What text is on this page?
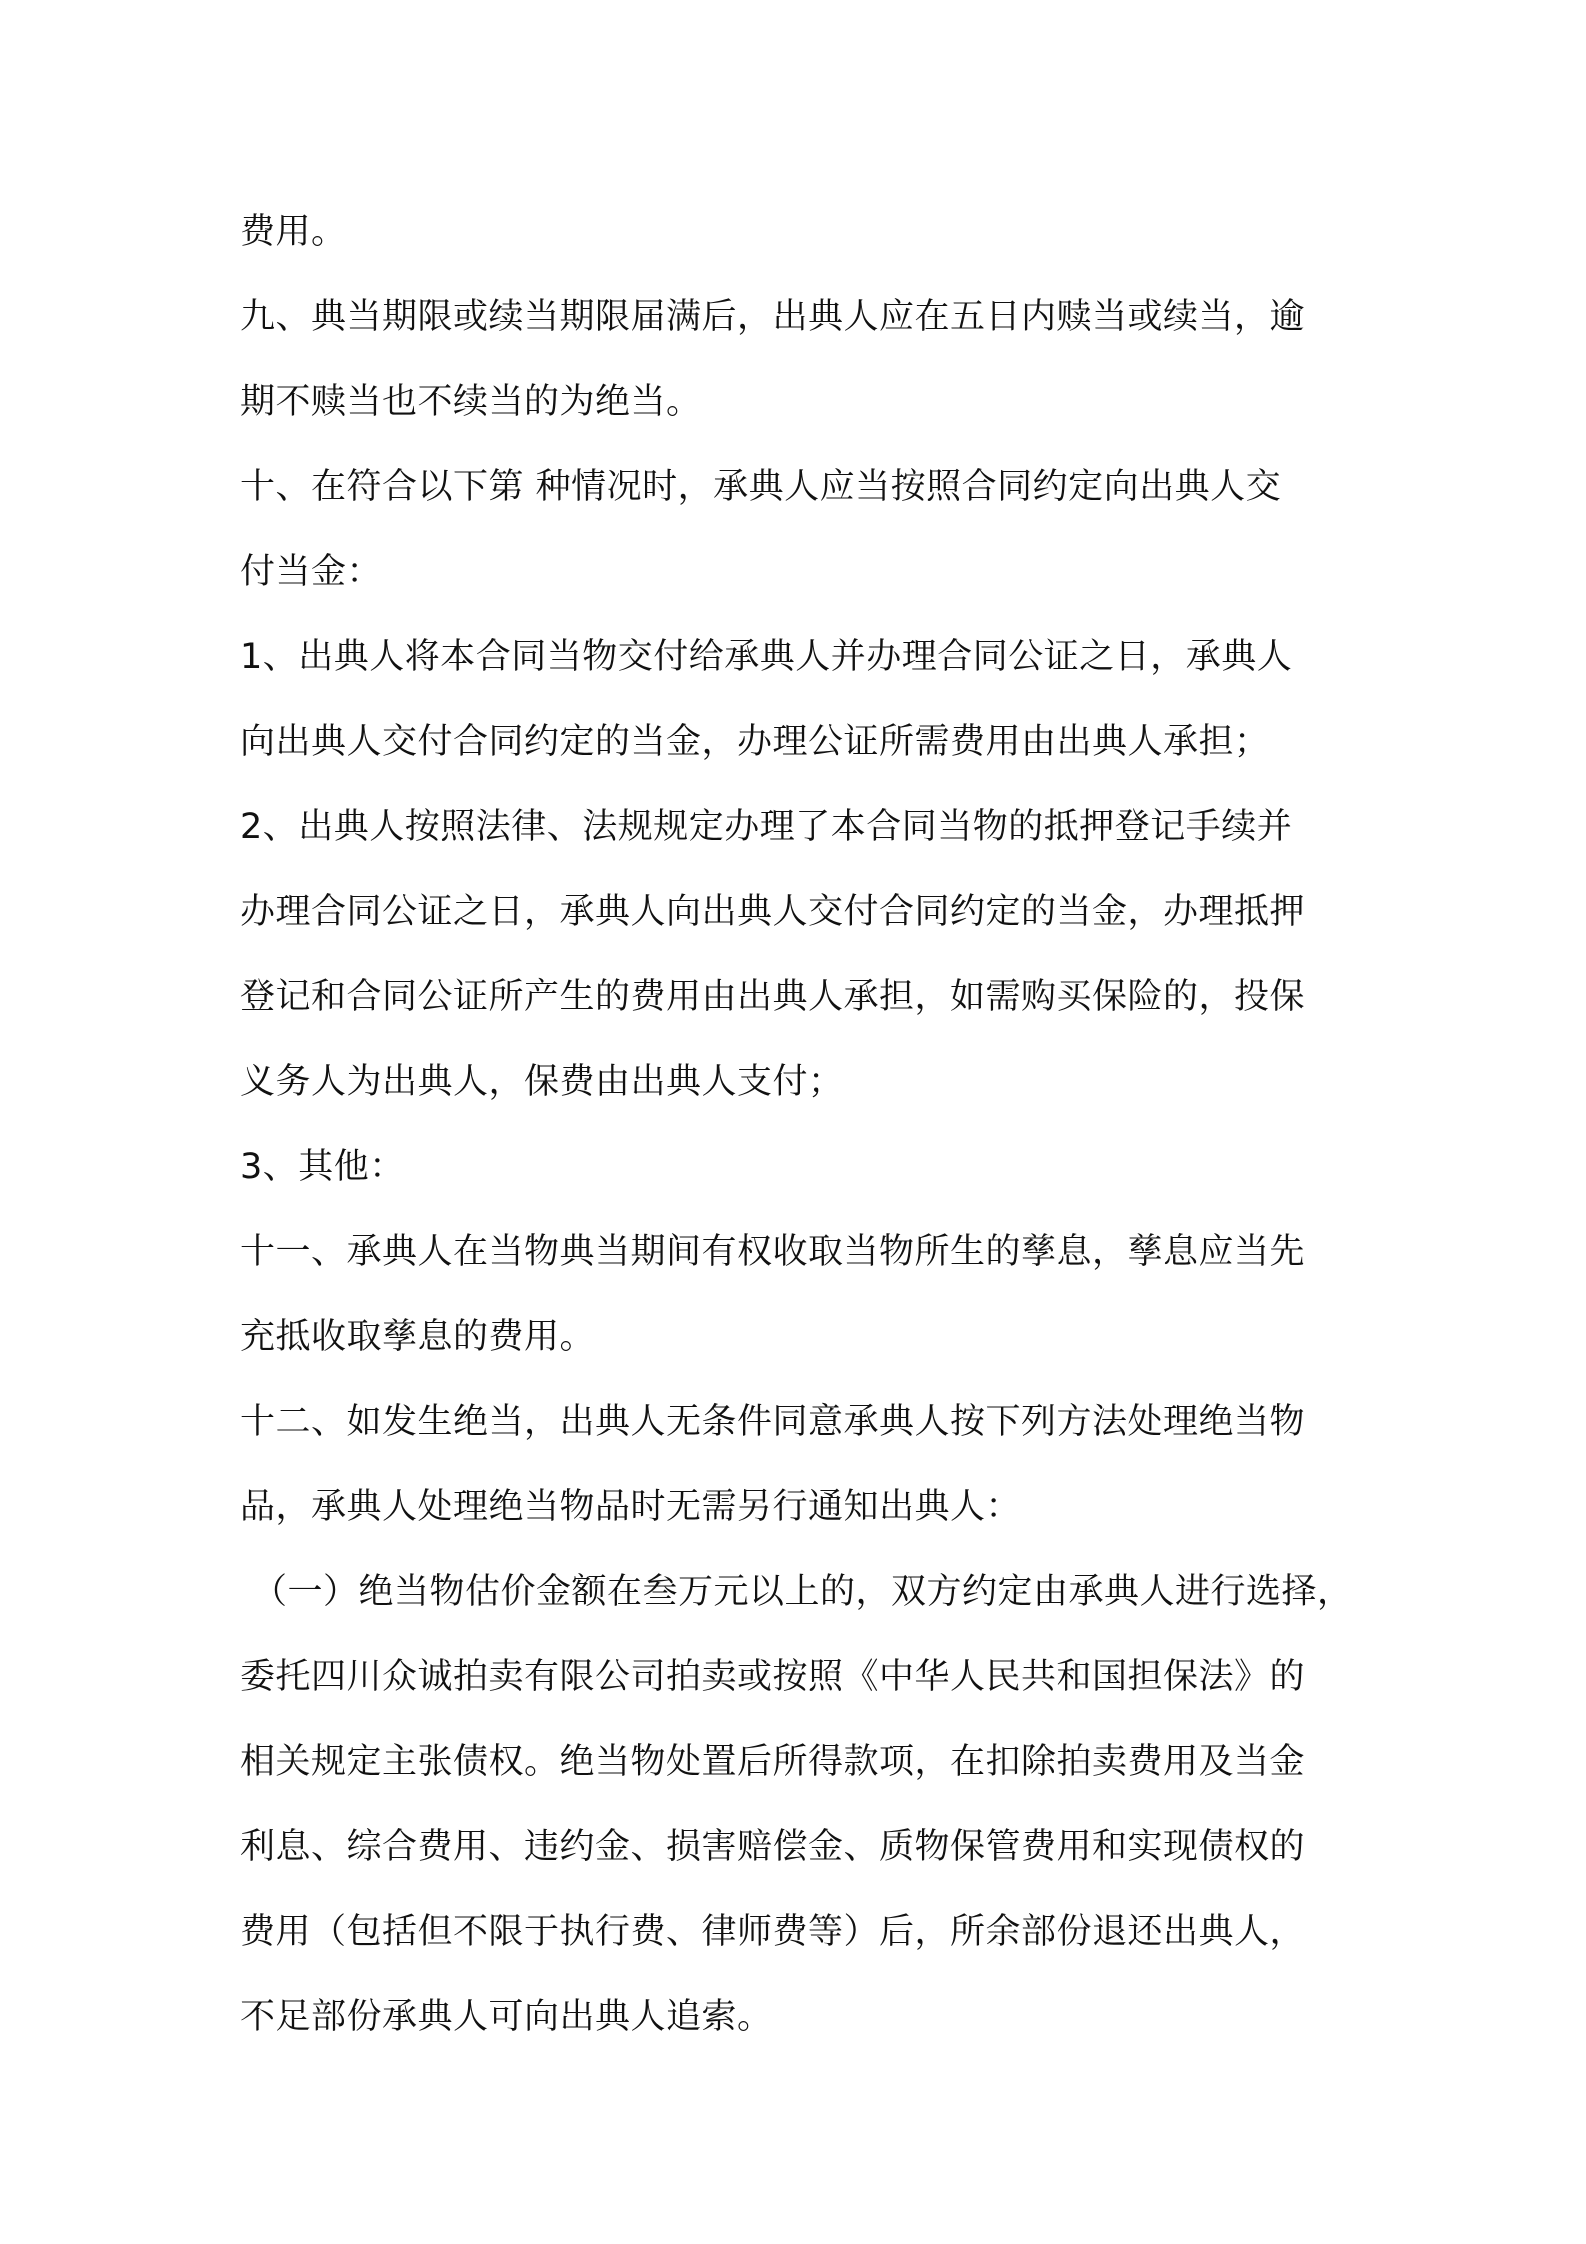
费用。
九、典当期限或续当期限届满后，出典人应在五日内赎当或续当，逾
期不赎当也不续当的为绝当。
十、在符合以下第 种情况时，承典人应当按照合同约定向出典人交
付当金：
1、出典人将本合同当物交付给承典人并办理合同公证之日，承典人
向出典人交付合同约定的当金，办理公证所需费用由出典人承担；
2、出典人按照法律、法规规定办理了本合同当物的抵押登记手续并
办理合同公证之日，承典人向出典人交付合同约定的当金，办理抵押
登记和合同公证所产生的费用由出典人承担，如需购买保险的，投保
义务人为出典人，保费由出典人支付；
3、其他：
十一、承典人在当物典当期间有权收取当物所生的孳息，孳息应当先
充抵收取孳息的费用。
十二、如发生绝当，出典人无条件同意承典人按下列方法处理绝当物
品，承典人处理绝当物品时无需另行通知出典人：
（一）绝当物估价金额在叁万元以上的，双方约定由承典人进行选择，
委托四川众诚拍卖有限公司拍卖或按照《中华人民共和国担保法》的
相关规定主张债权。绝当物处置后所得款项，在扣除拍卖费用及当金
利息、综合费用、违约金、损害赔偿金、质物保管费用和实现债权的
费用（包括但不限于执行费、律师费等）后，所余部份退还出典人，
不足部份承典人可向出典人追索。
